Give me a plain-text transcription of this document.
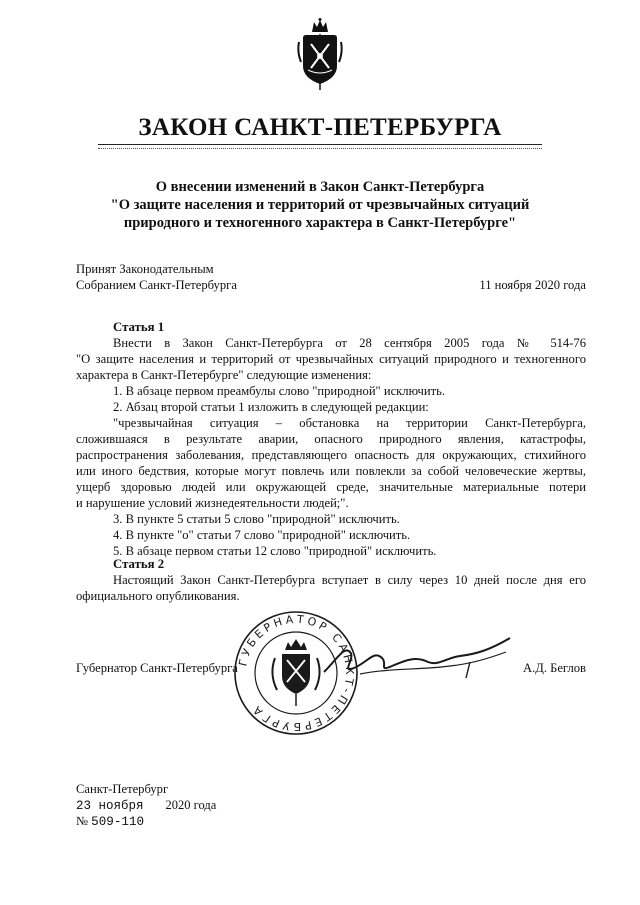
ЗАКОН САНКТ-ПЕТЕРБУРГА
О внесении изменений в Закон Санкт-Петербурга
"О защите населения и территорий от чрезвычайных ситуаций
природного и техногенного характера в Санкт-Петербурге"
Принят Законодательным
Собранием Санкт-Петербурга	11 ноября 2020 года
Статья 1
Внести в Закон Санкт-Петербурга от 28 сентября 2005 года № 514-76
"О защите населения и территорий от чрезвычайных ситуаций природного и техногенного
характера в Санкт-Петербурге" следующие изменения:
1. В абзаце первом преамбулы слово "природной" исключить.
2. Абзац второй статьи 1 изложить в следующей редакции:
"чрезвычайная ситуация – обстановка на территории Санкт-Петербурга,
сложившаяся в результате аварии, опасного природного явления, катастрофы,
распространения заболевания, представляющего опасность для окружающих, стихийного
или иного бедствия, которые могут повлечь или повлекли за собой человеческие жертвы,
ущерб здоровью людей или окружающей среде, значительные материальные потери
и нарушение условий жизнедеятельности людей;".
3. В пункте 5 статьи 5 слово "природной" исключить.
4. В пункте "о" статьи 7 слово "природной" исключить.
5. В абзаце первом статьи 12 слово "природной" исключить.
Статья 2
Настоящий Закон Санкт-Петербурга вступает в силу через 10 дней после дня его
официального опубликования.
Губернатор Санкт-Петербурга	А.Д. Беглов
ГУБЕРНАТОР САНКТ-ПЕТЕРБУРГА
Санкт-Петербург
23 ноября 2020 года
№ 509-110
